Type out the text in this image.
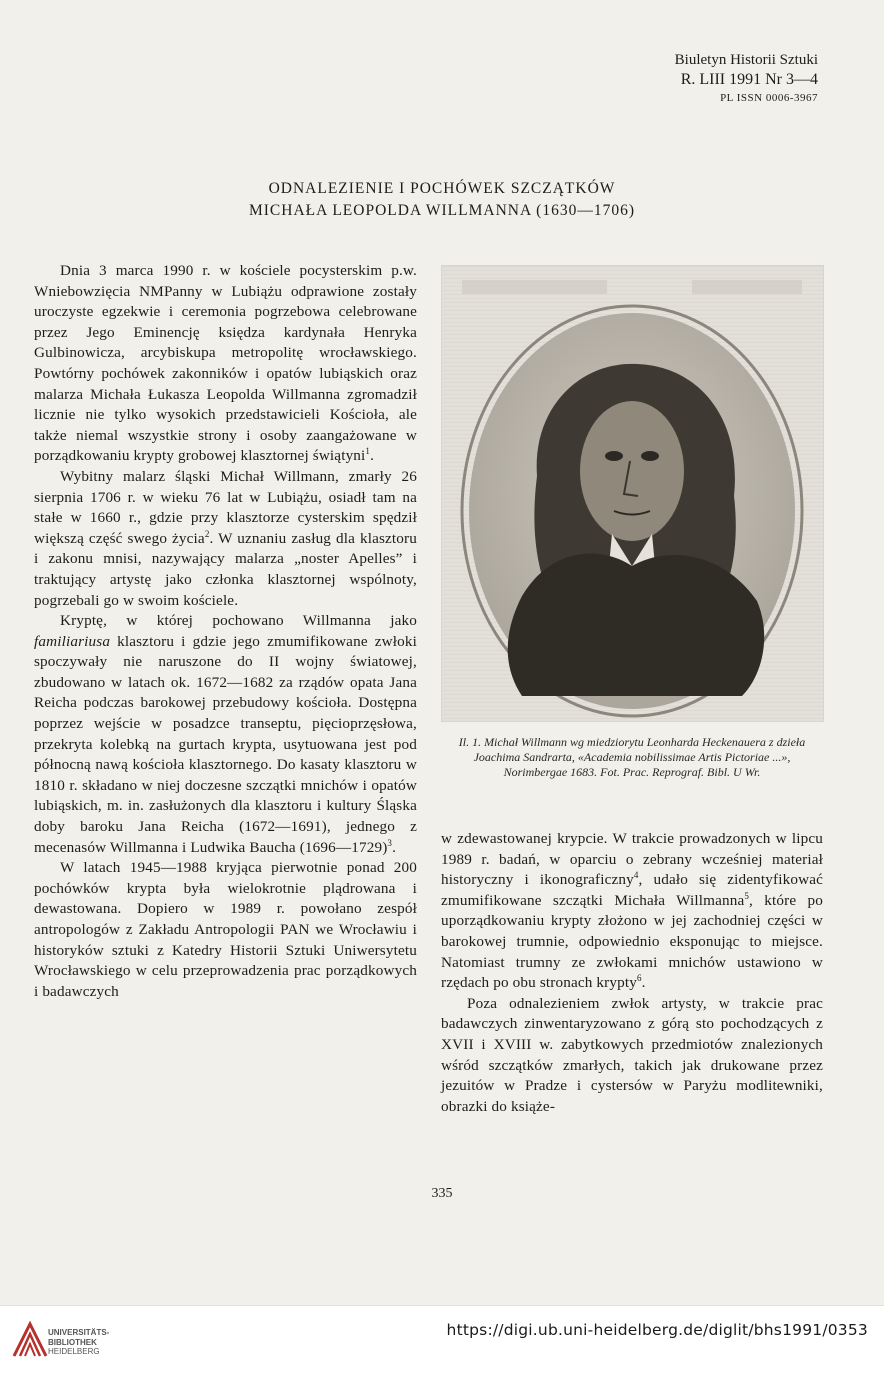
Biuletyn Historii Sztuki
R. LIII 1991 Nr 3—4
PL ISSN 0006-3967
ODNALEZIENIE I POCHÓWEK SZCZĄTKÓW
MICHAŁA LEOPOLDA WILLMANNA (1630—1706)

Dnia 3 marca 1990 r. w kościele pocysterskim p.w. Wniebowzięcia NMPanny w Lubiążu odprawione zostały uroczyste egzekwie i ceremonia pogrzebowa celebrowane przez Jego Eminencję księdza kardynała Henryka Gulbinowicza, arcybiskupa metropolitę wrocławskiego. Powtórny pochówek zakonników i opatów lubiąskich oraz malarza Michała Łukasza Leopolda Willmanna zgromadził licznie nie tylko wysokich przedstawicieli Kościoła, ale także niemal wszystkie strony i osoby zaangażowane w porządkowaniu krypty grobowej klasztornej świątyni$^1$.

Wybitny malarz śląski Michał Willmann, zmarły 26 sierpnia 1706 r. w wieku 76 lat w Lubiążu, osiadł tam na stałe w 1660 r., gdzie przy klasztorze cysterskim spędził większą część swego życia$^2$. W uznaniu zasług dla klasztoru i zakonu mnisi, nazywający malarza „noster Apelles” i traktujący artystę jako członka klasztornej wspólnoty, pogrzebali go w swoim kościele.

Kryptę, w której pochowano Willmanna jako familiariusa klasztoru i gdzie jego zmumifikowane zwłoki spoczywały nie naruszone do II wojny światowej, zbudowano w latach ok. 1672—1682 za rządów opata Jana Reicha podczas barokowej przebudowy kościoła. Dostępna poprzez wejście w posadzce transeptu, pięcioprzęsłowa, przekryta kolebką na gurtach krypta, usytuowana jest pod północną nawą kościoła klasztornego. Do kasaty klasztoru w 1810 r. składano w niej doczesne szczątki mnichów i opatów lubiąskich, m. in. zasłużonych dla klasztoru i kultury Śląska doby baroku Jana Reicha (1672—1691), jednego z mecenasów Willmanna i Ludwika Baucha (1696—1729)$^3$.

W latach 1945—1988 kryjąca pierwotnie ponad 200 pochówków krypta była wielokrotnie plądrowana i dewastowana. Dopiero w 1989 r. powołano zespół antropologów z Zakładu Antropologii PAN we Wrocławiu i historyków sztuki z Katedry Historii Sztuki Uniwersytetu Wrocławskiego w celu przeprowadzenia prac porządkowych i badawczych

Il. 1. Michał Willmann wg miedziorytu Leonharda Heckenauera z dzieła Joachima Sandrarta, «Academia nobilissimae Artis Pictoriae ...», Norimbergae 1683. Fot. Prac. Reprograf. Bibl. U Wr.

w zdewastowanej krypcie. W trakcie prowadzonych w lipcu 1989 r. badań, w oparciu o zebrany wcześniej materiał historyczny i ikonograficzny$^4$, udało się zidentyfikować zmumifikowane szczątki Michała Willmanna$^5$, które po uporządkowaniu krypty złożono w jej zachodniej części w barokowej trumnie, odpowiednio eksponując to miejsce. Natomiast trumny ze zwłokami mnichów ustawiono w rzędach po obu stronach krypty$^6$.

Poza odnalezieniem zwłok artysty, w trakcie prac badawczych zinwentaryzowano z górą sto pochodzących z XVII i XVIII w. zabytkowych przedmiotów znalezionych wśród szczątków zmarłych, takich jak drukowane przez jezuitów w Pradze i cystersów w Paryżu modlitewniki, obrazki do książe-

335
UNIVERSITÄTS-
BIBLIOTHEK
HEIDELBERG
https://digi.ub.uni-heidelberg.de/diglit/bhs1991/0353
